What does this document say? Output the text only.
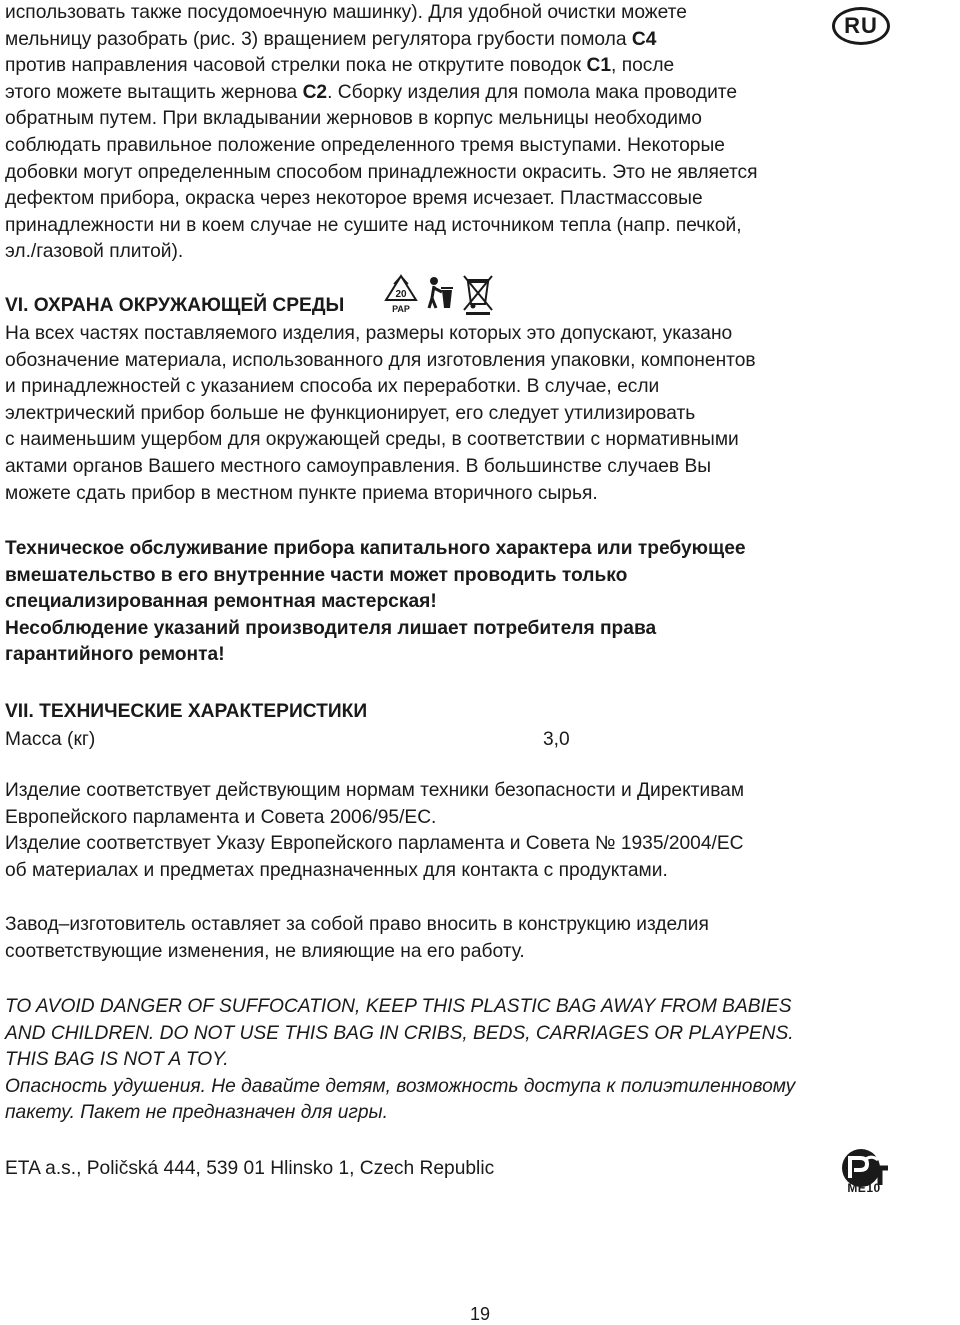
RU
использовать также посудомоечную машинку). Для удобной очистки можете
мельницу разобрать (рис. 3) вращением регулятора грубости помола C4
против направления часовой стрелки пока не открутите поводок C1, после
этого можете вытащить жернова C2. Сборку изделия для помола мака проводите
обратным путем. При вкладывании жерновов в корпус мельницы необходимо
соблюдать правильное положение определенного тремя выступами. Некоторые
добовки могут определенным способом принадлежности окрасить. Это не является
дефектом прибора, окраска через некоторое время исчезает. Пластмассовые
принадлежности ни в коем случае не сушите над источником тепла (напр. печкой,
эл./газовой плитой).
VI. ОХРАНА ОКРУЖАЮЩЕЙ СРЕДЫ
20
PAP
На всех частях поставляемого изделия, размеры которых это допускают, указано
обозначение материала, использованного для изготовления упаковки, компонентов
и принадлежностей с указанием способа их переработки. В случае, если
электрический прибор больше не функционирует, его следует утилизировать
с наименьшим ущербом для окружающей среды, в соответствии с нормативными
актами органов Вашего местного самоуправления. В большинстве случаев Вы
можете сдать прибор в местном пункте приема вторичного сырья.
Техническое обслуживание прибора капитального характера или требующее
вмешательство в его внутренние части может проводить только
специализированная ремонтная мастерская!
Несоблюдение указаний производителя лишает потребителя права
гарантийного ремонта!
VII. ТЕХНИЧЕСКИЕ ХАРАКТЕРИСТИКИ
Масса (кг)	3,0
Изделие соответствует действующим нормам техники безопасности и Директивам
Европейского парламента и Совета 2006/95/EC.
Изделие соответствует Указу Европейского парламента и Совета № 1935/2004/EC
об материалах и предметах предназначенных для контакта с продуктами.
Завод–изготовитель оставляет за собой право вносить в конструкцию изделия
соответствующие изменения, не влияющие на его работу.
TO AVOID DANGER OF SUFFOCATION, KEEP THIS PLASTIC BAG AWAY FROM BABIES
AND CHILDREN. DO NOT USE THIS BAG IN CRIBS, BEDS, CARRIAGES OR PLAYPENS.
THIS BAG IS NOT A TOY.
Опасность удушения. Не давайте детям, возможность доступа к полиэтиленновому
пакету. Пакет не предназначен для игры.
ETA a.s., Poličská 444, 539 01 Hlinsko 1, Czech Republic
ME10
19
